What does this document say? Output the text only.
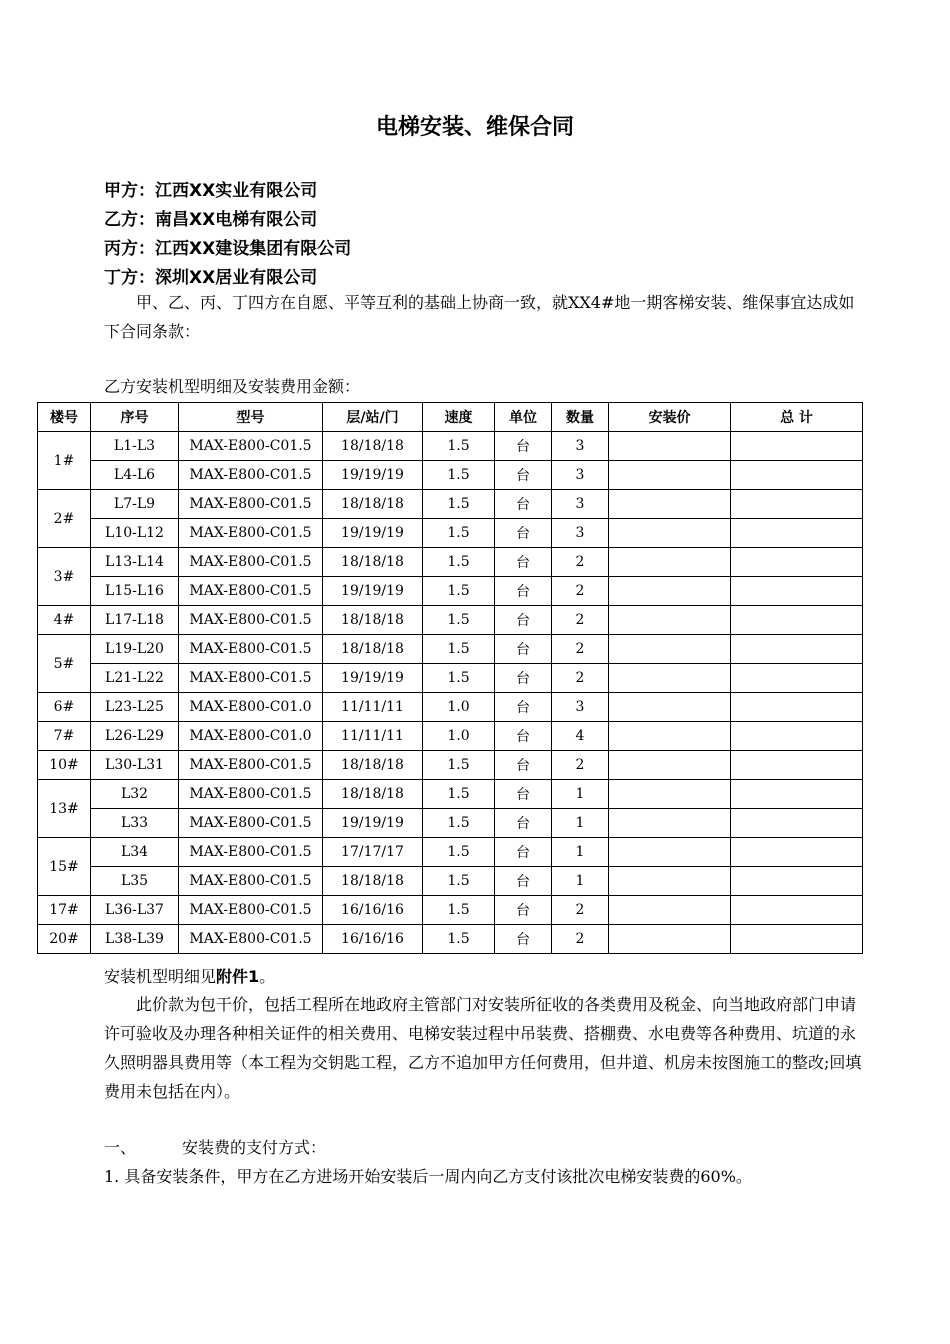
电梯安装、维保合同
甲方：江西XX实业有限公司
乙方：南昌XX电梯有限公司
丙方：江西XX建设集团有限公司
丁方：深圳XX居业有限公司
甲、乙、丙、丁四方在自愿、平等互利的基础上协商一致，就XX4#地一期客梯安装、维保事宜达成如下合同条款：
乙方安装机型明细及安装费用金额：
楼号	序号	型号	层/站/门	速度	单位	数量	安装价	总 计
1#	L1-L3	MAX-E800-C01.5	18/18/18	1.5	台	3		
	L4-L6	MAX-E800-C01.5	19/19/19	1.5	台	3		
2#	L7-L9	MAX-E800-C01.5	18/18/18	1.5	台	3		
	L10-L12	MAX-E800-C01.5	19/19/19	1.5	台	3		
3#	L13-L14	MAX-E800-C01.5	18/18/18	1.5	台	2		
	L15-L16	MAX-E800-C01.5	19/19/19	1.5	台	2		
4#	L17-L18	MAX-E800-C01.5	18/18/18	1.5	台	2		
5#	L19-L20	MAX-E800-C01.5	18/18/18	1.5	台	2		
	L21-L22	MAX-E800-C01.5	19/19/19	1.5	台	2		
6#	L23-L25	MAX-E800-C01.0	11/11/11	1.0	台	3		
7#	L26-L29	MAX-E800-C01.0	11/11/11	1.0	台	4		
10#	L30-L31	MAX-E800-C01.5	18/18/18	1.5	台	2		
13#	L32	MAX-E800-C01.5	18/18/18	1.5	台	1		
	L33	MAX-E800-C01.5	19/19/19	1.5	台	1		
15#	L34	MAX-E800-C01.5	17/17/17	1.5	台	1		
	L35	MAX-E800-C01.5	18/18/18	1.5	台	1		
17#	L36-L37	MAX-E800-C01.5	16/16/16	1.5	台	2		
20#	L38-L39	MAX-E800-C01.5	16/16/16	1.5	台	2		
安装机型明细见附件1。
此价款为包干价，包括工程所在地政府主管部门对安装所征收的各类费用及税金、向当地政府部门申请许可验收及办理各种相关证件的相关费用、电梯安装过程中吊装费、搭棚费、水电费等各种费用、坑道的永久照明器具费用等（本工程为交钥匙工程，乙方不追加甲方任何费用，但井道、机房未按图施工的整改;回填费用未包括在内）。
一、	安装费的支付方式：
1. 具备安装条件，甲方在乙方进场开始安装后一周内向乙方支付该批次电梯安装费的60%。
